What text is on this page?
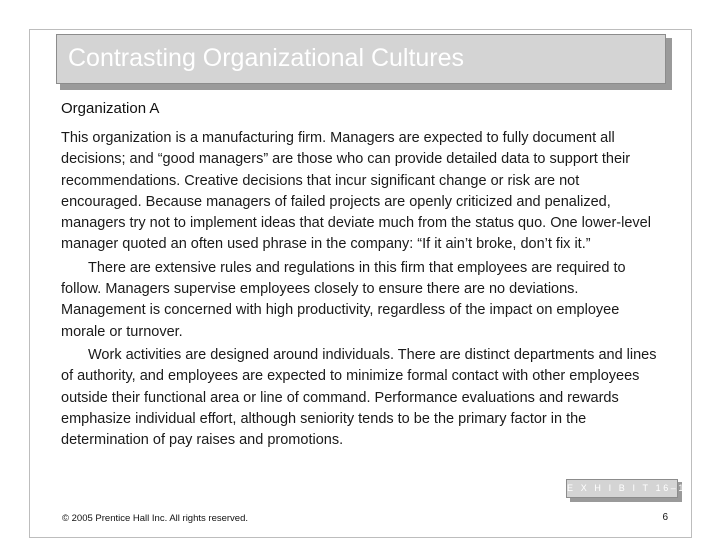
Contrasting Organizational Cultures
Organization A

This organization is a manufacturing firm. Managers are expected to fully document all decisions; and “good managers” are those who can provide detailed data to support their recommendations. Creative decisions that incur significant change or risk are not encouraged. Because managers of failed projects are openly criticized and penalized, managers try not to implement ideas that deviate much from the status quo. One lower-level manager quoted an often used phrase in the company: “If it ain’t broke, don’t fix it.”

There are extensive rules and regulations in this firm that employees are required to follow. Managers supervise employees closely to ensure there are no deviations. Management is concerned with high productivity, regardless of the impact on employee morale or turnover.

Work activities are designed around individuals. There are distinct departments and lines of authority, and employees are expected to minimize formal contact with other employees outside their functional area or line of command. Performance evaluations and rewards emphasize individual effort, although seniority tends to be the primary factor in the determination of pay raises and promotions.

E X H I B I T 16–1
© 2005 Prentice Hall Inc. All rights reserved.	6
